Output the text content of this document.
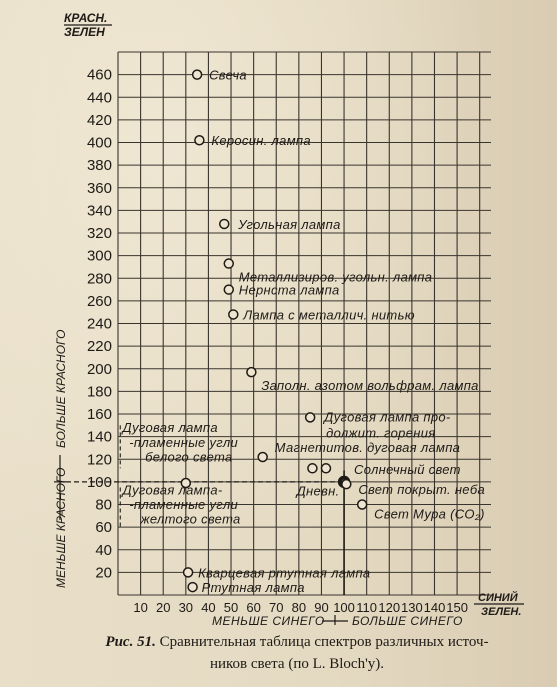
20
40
60
80
100
120
140
160
180
200
220
240
260
280
300
320
340
360
380
400
420
440
460
10 20 30 40 50 60 70 80 90 100 110 120 130 140 150
КРАСН.
ЗЕЛЕН
СИНИЙ
ЗЕЛЕН.
МЕНЬШЕ СИНЕГО БОЛЬШЕ СИНЕГО
БОЛЬШЕ КРАСНОГО
МЕНЬШЕ КРАСНОГО
Свеча
Керосин. лампа
Угольная лампа
Металлизиров. угольн. лампа
Нернста лампа
Лампа с металлич. нитью
Заполн. азотом вольфрам. лампа
Дуговая лампа про-
должит. горения
Магнетитов. дуговая лампа
Солнечный свет
Свет покрыт. неба
Свет Мура (CO₂)
Дуговая лампа-
-пламенные угли
желтого света
Кварцевая ртутная лампа
Ртутная лампа
Дуговая лампа
-пламенные угли
белого света
Дневн.
Рис. 51. Сравнительная таблица спектров различных источ-
ников света (по L. Bloch'y).
